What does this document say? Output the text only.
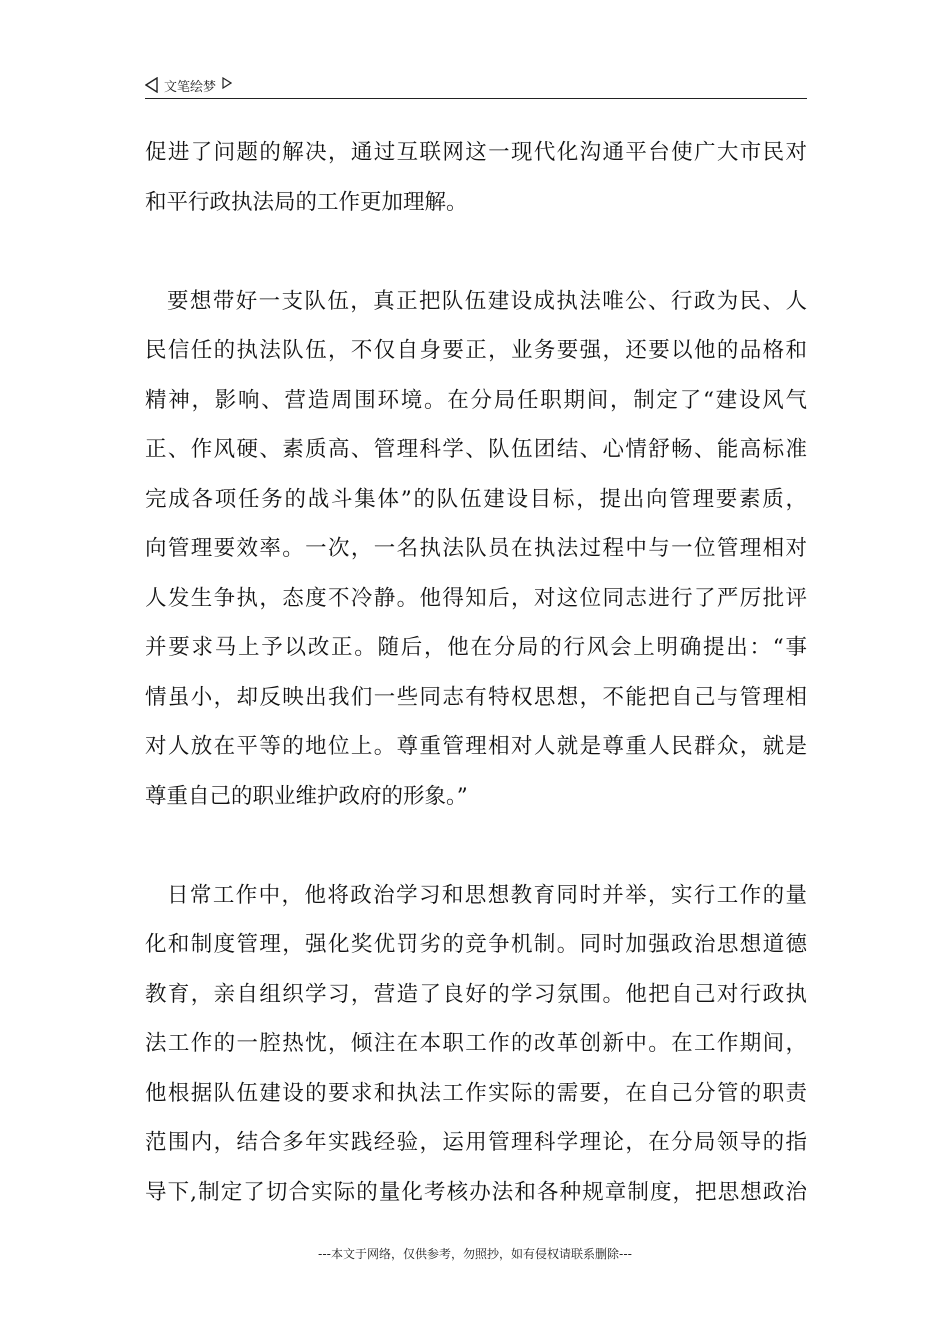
文笔绘梦
促进了问题的解决，通过互联网这一现代化沟通平台使广大市民对
和平行政执法局的工作更加理解。
要想带好一支队伍，真正把队伍建设成执法唯公、行政为民、人
民信任的执法队伍，不仅自身要正，业务要强，还要以他的品格和
精神，影响、营造周围环境。在分局任职期间，制定了“建设风气
正、作风硬、素质高、管理科学、队伍团结、心情舒畅、能高标准
完成各项任务的战斗集体”的队伍建设目标，提出向管理要素质，
向管理要效率。一次，一名执法队员在执法过程中与一位管理相对
人发生争执，态度不冷静。他得知后，对这位同志进行了严厉批评
并要求马上予以改正。随后，他在分局的行风会上明确提出：“事
情虽小，却反映出我们一些同志有特权思想，不能把自己与管理相
对人放在平等的地位上。尊重管理相对人就是尊重人民群众，就是
尊重自己的职业维护政府的形象。”
日常工作中，他将政治学习和思想教育同时并举，实行工作的量
化和制度管理，强化奖优罚劣的竞争机制。同时加强政治思想道德
教育，亲自组织学习，营造了良好的学习氛围。他把自己对行政执
法工作的一腔热忱，倾注在本职工作的改革创新中。在工作期间，
他根据队伍建设的要求和执法工作实际的需要，在自己分管的职责
范围内，结合多年实践经验，运用管理科学理论，在分局领导的指
导下,制定了切合实际的量化考核办法和各种规章制度，把思想政治
---本文于网络，仅供参考，勿照抄，如有侵权请联系删除---
